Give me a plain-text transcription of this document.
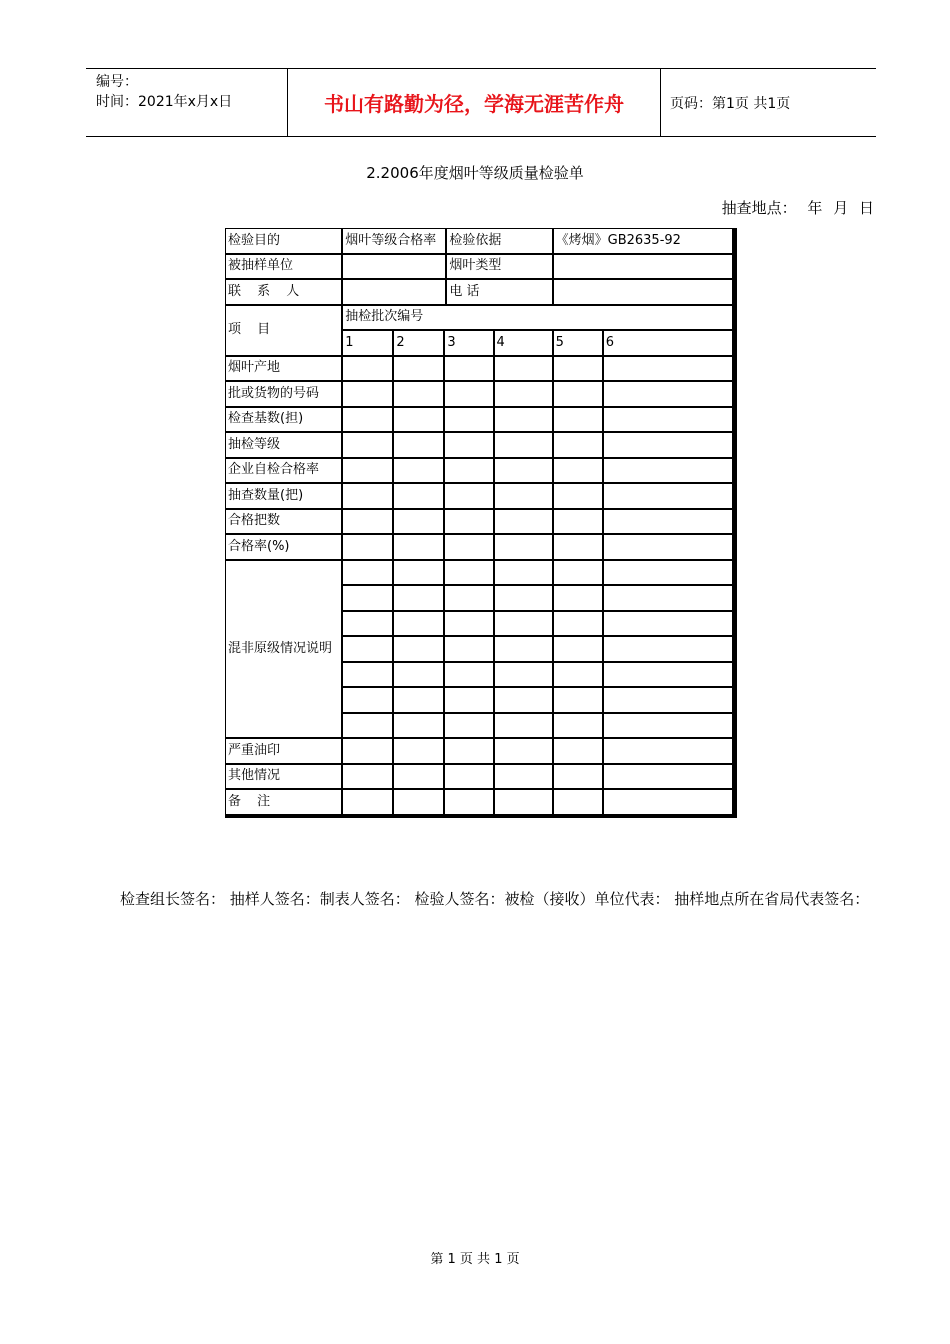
编号：
时间：2021年x月x日	书山有路勤为径，学海无涯苦作舟	页码：第1页 共1页
2.2006年度烟叶等级质量检验单
抽查地点： 年 月 日
检验目的	烟叶等级合格率		检验依据		《烤烟》GB2635-92	
被抽样单位			烟叶类型			
联 系 人			电 话			
项 目	抽检批次编号					
	1	2	3	4	5	6
烟叶产地						
批或货物的号码						
检查基数(担)						
抽检等级						
企业自检合格率						
抽查数量(把)						
合格把数						
合格率(%)						
混非原级情况说明						

严重油印						
其他情况						
备 注						
检查组长签名： 抽样人签名：制表人签名： 检验人签名：被检（接收）单位代表： 抽样地点所在省局代表签名：
第 1 页 共 1 页
